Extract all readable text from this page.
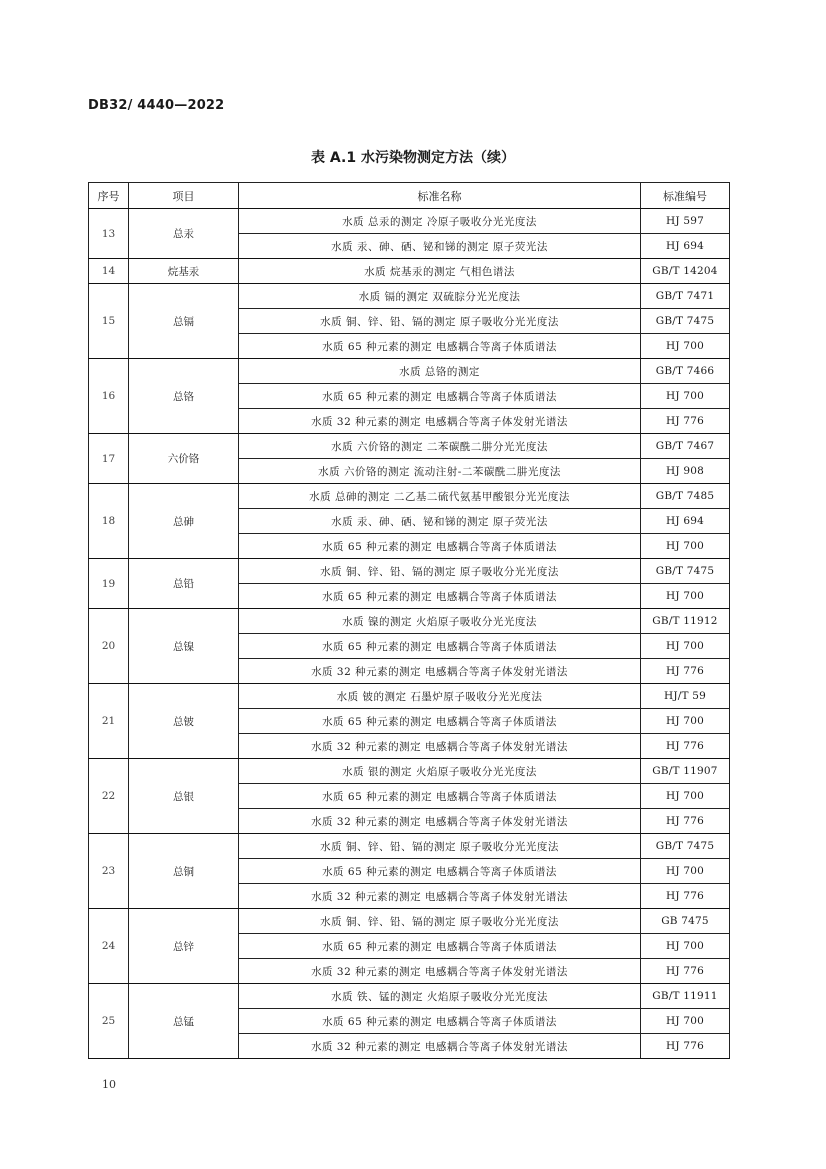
DB32/ 4440—2022
表 A.1 水污染物测定方法（续）
序号	项目	标准名称	标准编号
13	总汞	水质 总汞的测定 冷原子吸收分光光度法	HJ 597
		水质 汞、砷、硒、铋和锑的测定 原子荧光法	HJ 694
14	烷基汞	水质 烷基汞的测定 气相色谱法	GB/T 14204
15	总镉	水质 镉的测定 双硫腙分光光度法	GB/T 7471
		水质 铜、锌、铅、镉的测定 原子吸收分光光度法	GB/T 7475
		水质 65 种元素的测定 电感耦合等离子体质谱法	HJ 700
16	总铬	水质 总铬的测定	GB/T 7466
		水质 65 种元素的测定 电感耦合等离子体质谱法	HJ 700
		水质 32 种元素的测定 电感耦合等离子体发射光谱法	HJ 776
17	六价铬	水质 六价铬的测定 二苯碳酰二肼分光光度法	GB/T 7467
		水质 六价铬的测定 流动注射-二苯碳酰二肼光度法	HJ 908
18	总砷	水质 总砷的测定 二乙基二硫代氨基甲酸银分光光度法	GB/T 7485
		水质 汞、砷、硒、铋和锑的测定 原子荧光法	HJ 694
		水质 65 种元素的测定 电感耦合等离子体质谱法	HJ 700
19	总铅	水质 铜、锌、铅、镉的测定 原子吸收分光光度法	GB/T 7475
		水质 65 种元素的测定 电感耦合等离子体质谱法	HJ 700
20	总镍	水质 镍的测定 火焰原子吸收分光光度法	GB/T 11912
		水质 65 种元素的测定 电感耦合等离子体质谱法	HJ 700
		水质 32 种元素的测定 电感耦合等离子体发射光谱法	HJ 776
21	总铍	水质 铍的测定 石墨炉原子吸收分光光度法	HJ/T 59
		水质 65 种元素的测定 电感耦合等离子体质谱法	HJ 700
		水质 32 种元素的测定 电感耦合等离子体发射光谱法	HJ 776
22	总银	水质 银的测定 火焰原子吸收分光光度法	GB/T 11907
		水质 65 种元素的测定 电感耦合等离子体质谱法	HJ 700
		水质 32 种元素的测定 电感耦合等离子体发射光谱法	HJ 776
23	总铜	水质 铜、锌、铅、镉的测定 原子吸收分光光度法	GB/T 7475
		水质 65 种元素的测定 电感耦合等离子体质谱法	HJ 700
		水质 32 种元素的测定 电感耦合等离子体发射光谱法	HJ 776
24	总锌	水质 铜、锌、铅、镉的测定 原子吸收分光光度法	GB 7475
		水质 65 种元素的测定 电感耦合等离子体质谱法	HJ 700
		水质 32 种元素的测定 电感耦合等离子体发射光谱法	HJ 776
25	总锰	水质 铁、锰的测定 火焰原子吸收分光光度法	GB/T 11911
		水质 65 种元素的测定 电感耦合等离子体质谱法	HJ 700
		水质 32 种元素的测定 电感耦合等离子体发射光谱法	HJ 776
10
